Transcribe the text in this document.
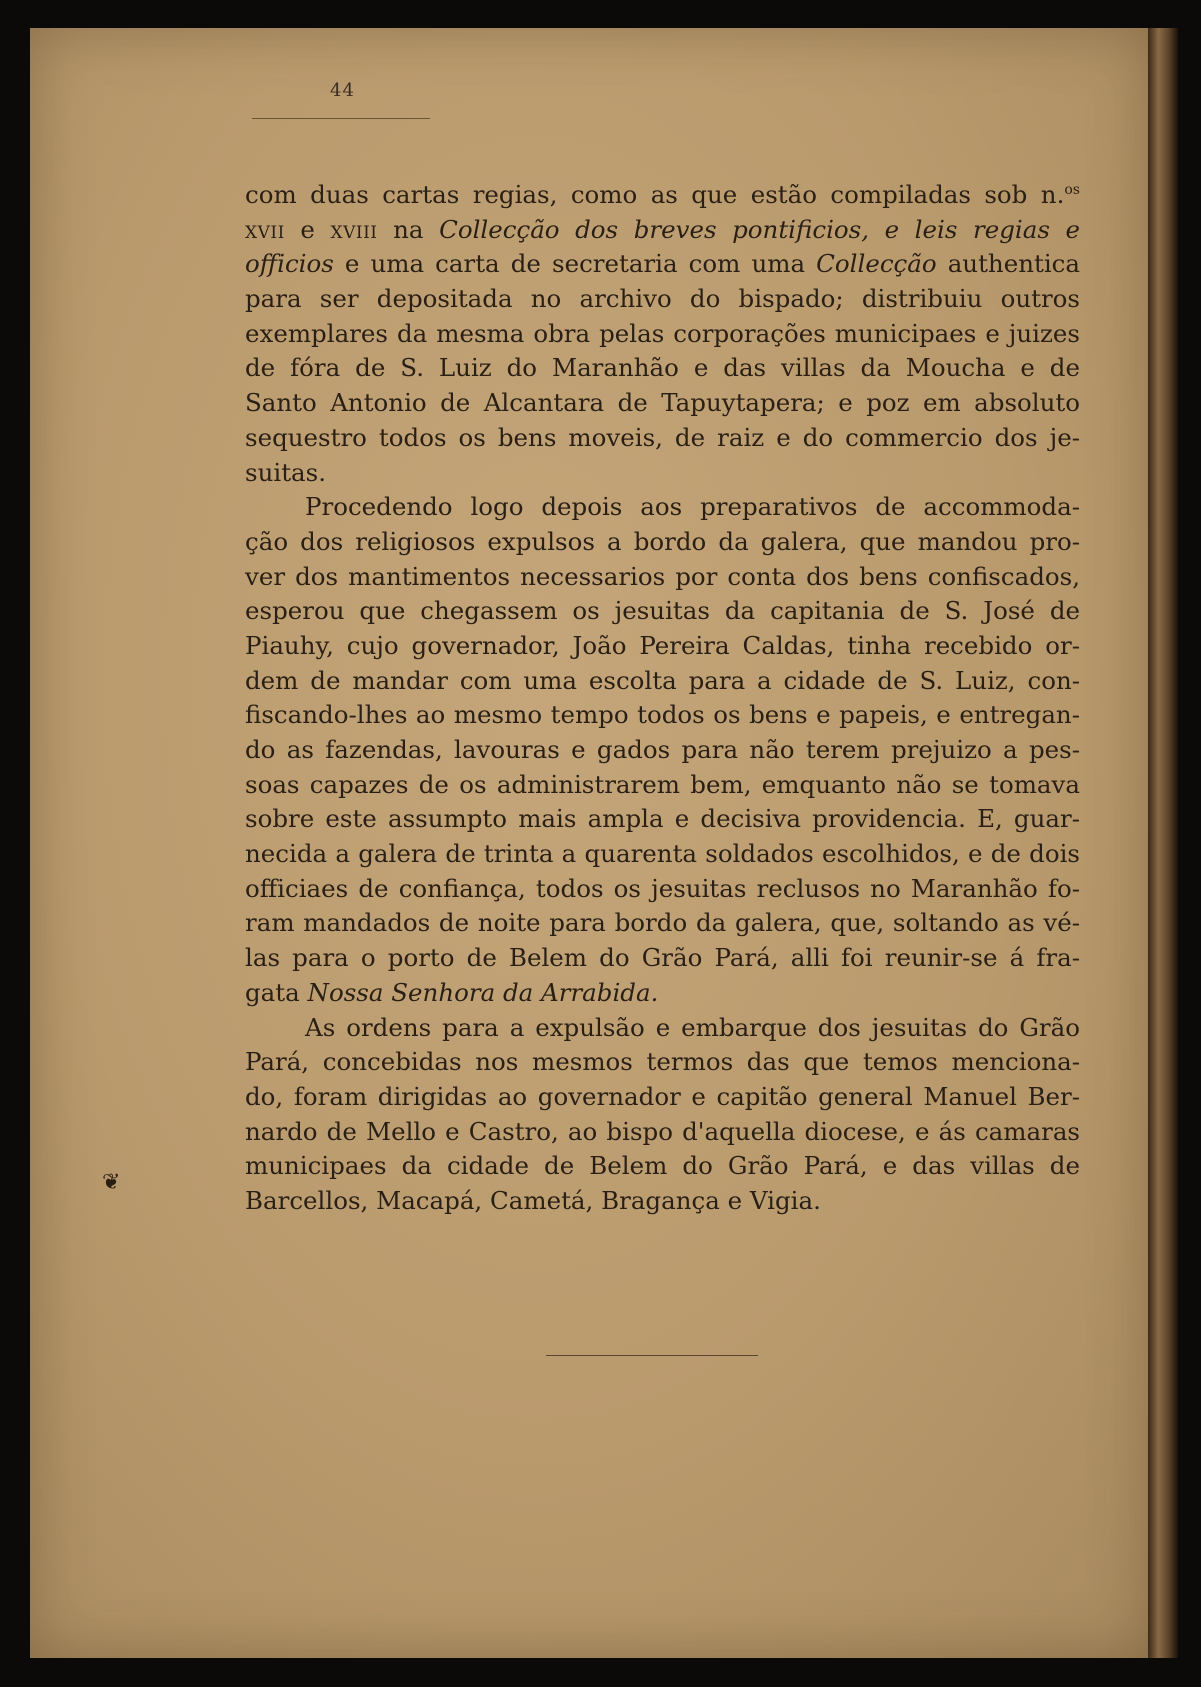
44
com duas cartas regias, como as que estão compiladas sob n.$^{os}$
xvii e xviii na Collecção dos breves pontificios, e leis regias e
officios e uma carta de secretaria com uma Collecção authentica
para ser depositada no archivo do bispado; distribuiu outros
exemplares da mesma obra pelas corporações municipaes e juizes
de fóra de S. Luiz do Maranhão e das villas da Moucha e de
Santo Antonio de Alcantara de Tapuytapera; e poz em absoluto
sequestro todos os bens moveis, de raiz e do commercio dos je-
suitas.
Procedendo logo depois aos preparativos de accommoda-
ção dos religiosos expulsos a bordo da galera, que mandou pro-
ver dos mantimentos necessarios por conta dos bens confiscados,
esperou que chegassem os jesuitas da capitania de S. José de
Piauhy, cujo governador, João Pereira Caldas, tinha recebido or-
dem de mandar com uma escolta para a cidade de S. Luiz, con-
fiscando-lhes ao mesmo tempo todos os bens e papeis, e entregan-
do as fazendas, lavouras e gados para não terem prejuizo a pes-
soas capazes de os administrarem bem, emquanto não se tomava
sobre este assumpto mais ampla e decisiva providencia. E, guar-
necida a galera de trinta a quarenta soldados escolhidos, e de dois
officiaes de confiança, todos os jesuitas reclusos no Maranhão fo-
ram mandados de noite para bordo da galera, que, soltando as vé-
las para o porto de Belem do Grão Pará, alli foi reunir-se á fra-
gata Nossa Senhora da Arrabida.
As ordens para a expulsão e embarque dos jesuitas do Grão
Pará, concebidas nos mesmos termos das que temos menciona-
do, foram dirigidas ao governador e capitão general Manuel Ber-
nardo de Mello e Castro, ao bispo d'aquella diocese, e ás camaras
municipaes da cidade de Belem do Grão Pará, e das villas de
Barcellos, Macapá, Cametá, Bragança e Vigia.
❦
